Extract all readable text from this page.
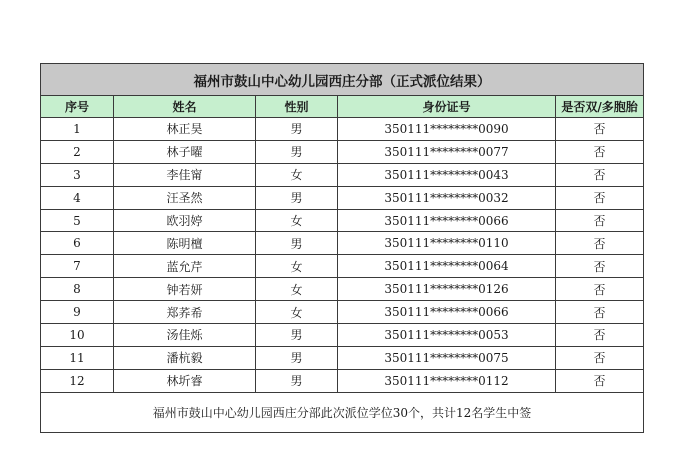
福州市鼓山中心幼儿园西庄分部（正式派位结果）				
序号	姓名	性别	身份证号	是否双/多胞胎
1	林正昊	男	350111********0090	否
2	林子曜	男	350111********0077	否
3	李佳甯	女	350111********0043	否
4	汪圣然	男	350111********0032	否
5	欧羽婷	女	350111********0066	否
6	陈明檀	男	350111********0110	否
7	蓝允芹	女	350111********0064	否
8	钟若妍	女	350111********0126	否
9	郑荞希	女	350111********0066	否
10	汤佳烁	男	350111********0053	否
11	潘杭毅	男	350111********0075	否
12	林圻睿	男	350111********0112	否
福州市鼓山中心幼儿园西庄分部此次派位学位30个，共计12名学生中签				
